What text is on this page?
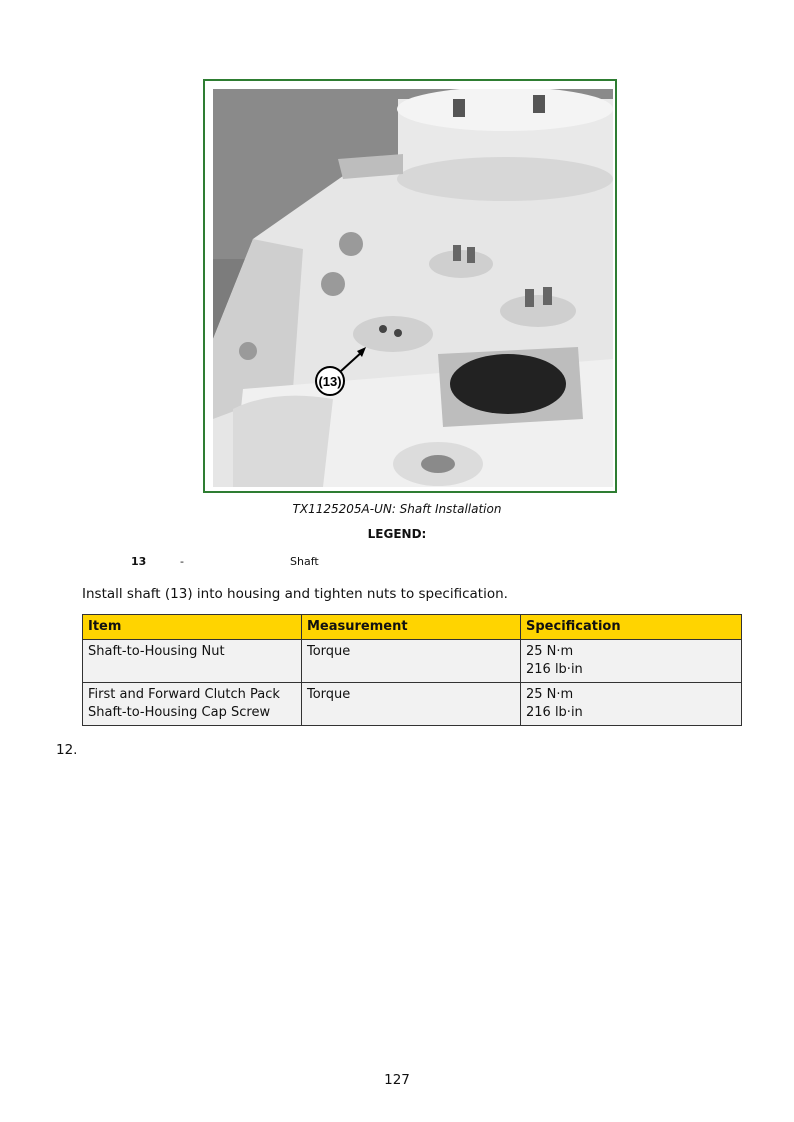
(13)
TX1125205A-UN: Shaft Installation
LEGEND:
13	-	Shaft
Install shaft (13) into housing and tighten nuts to specification.
Item	Measurement	Specification
Shaft-to-Housing Nut	Torque	25 N·m
216 lb·in

First and Forward Clutch Pack Shaft-to-Housing Cap Screw	Torque	25 N·m
216 lb·in
12.
127
